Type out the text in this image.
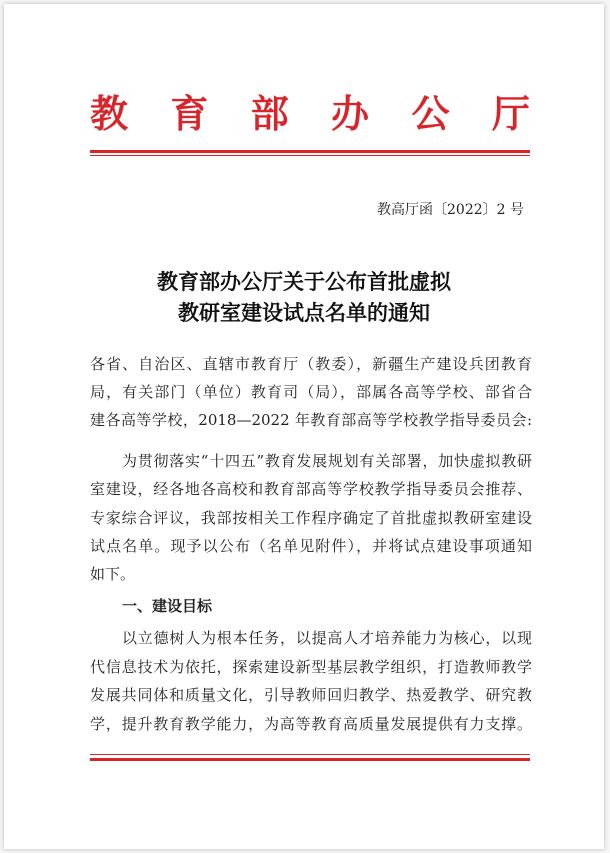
教 育 部 办 公 厅
教高厅函〔2022〕2 号
教育部办公厅关于公布首批虚拟
教研室建设试点名单的通知
各省、自治区、直辖市教育厅（教委），新疆生产建设兵团教育
局，有关部门（单位）教育司（局），部属各高等学校、部省合
建各高等学校，2018—2022 年教育部高等学校教学指导委员会:
为贯彻落实“十四五”教育发展规划有关部署，加快虚拟教研
室建设，经各地各高校和教育部高等学校教学指导委员会推荐、
专家综合评议，我部按相关工作程序确定了首批虚拟教研室建设
试点名单。现予以公布（名单见附件），并将试点建设事项通知
如下。
一、建设目标
以立德树人为根本任务，以提高人才培养能力为核心，以现
代信息技术为依托，探索建设新型基层教学组织，打造教师教学
发展共同体和质量文化，引导教师回归教学、热爱教学、研究教
学，提升教育教学能力，为高等教育高质量发展提供有力支撑。
